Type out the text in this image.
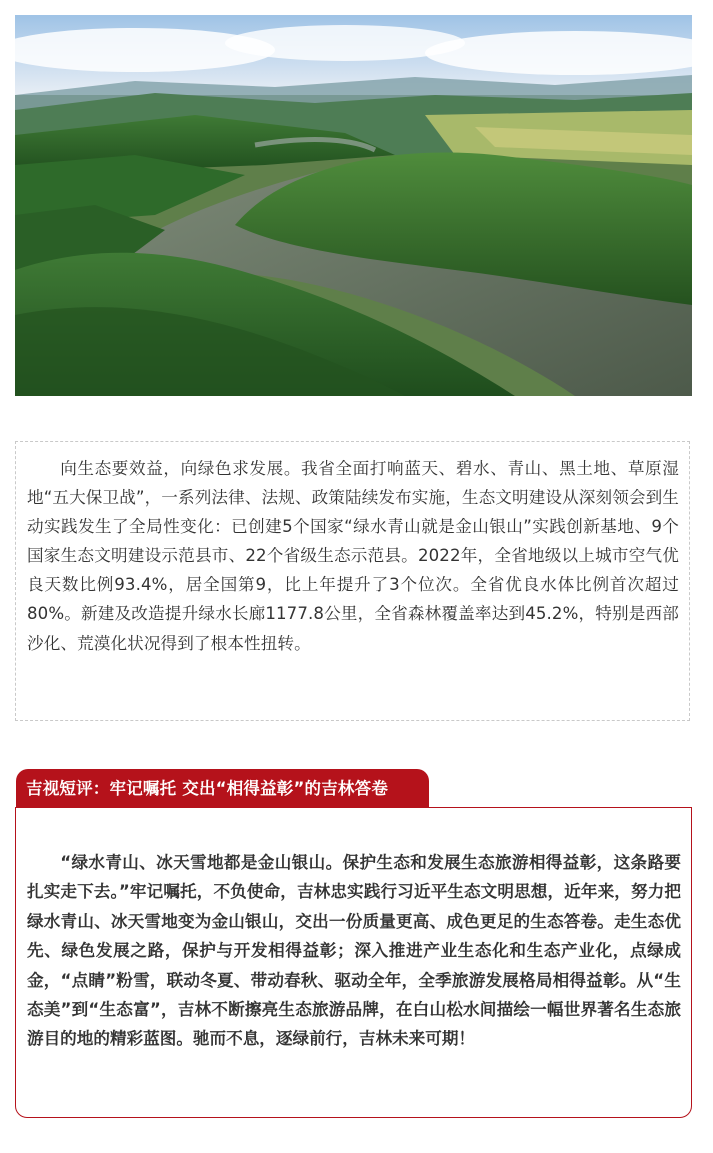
向生态要效益，向绿色求发展。我省全面打响蓝天、碧水、青山、黑土地、草原湿地“五大保卫战”，一系列法律、法规、政策陆续发布实施，生态文明建设从深刻领会到生动实践发生了全局性变化：已创建5个国家“绿水青山就是金山银山”实践创新基地、9个国家生态文明建设示范县市、22个省级生态示范县。2022年，全省地级以上城市空气优良天数比例93.4%，居全国第9，比上年提升了3个位次。全省优良水体比例首次超过80%。新建及改造提升绿水长廊1177.8公里，全省森林覆盖率达到45.2%，特别是西部沙化、荒漠化状况得到了根本性扭转。

吉视短评：牢记嘱托 交出“相得益彰”的吉林答卷

“绿水青山、冰天雪地都是金山银山。保护生态和发展生态旅游相得益彰，这条路要扎实走下去。”牢记嘱托，不负使命，吉林忠实践行习近平生态文明思想，近年来，努力把绿水青山、冰天雪地变为金山银山，交出一份质量更高、成色更足的生态答卷。走生态优先、绿色发展之路，保护与开发相得益彰；深入推进产业生态化和生态产业化，点绿成金，“点睛”粉雪，联动冬夏、带动春秋、驱动全年，全季旅游发展格局相得益彰。从“生态美”到“生态富”，吉林不断擦亮生态旅游品牌，在白山松水间描绘一幅世界著名生态旅游目的地的精彩蓝图。驰而不息，逐绿前行，吉林未来可期！
